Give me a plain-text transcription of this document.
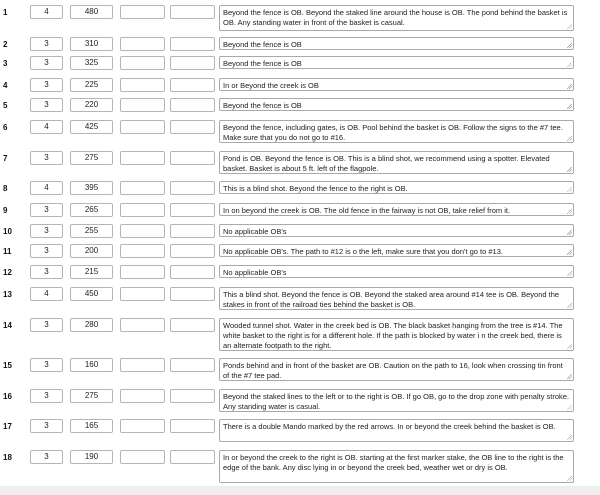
1	4	480	Beyond the fence is OB. Beyond the staked line around the house is OB. The pond behind the basket is OB. Any standing water in front of the basket is casual.
2	3	310	Beyond the fence is OB
3	3	325	Beyond the fence is OB
4	3	225	In or Beyond the creek is OB
5	3	220	Beyond the fence is OB
6	4	425	Beyond the fence, including gates, is OB. Pool behind the basket is OB. Follow the signs to the #7 tee. Make sure that you do not go to #16.
7	3	275	Pond is OB. Beyond the fence is OB. This is a blind shot, we recommend using a spotter. Elevated basket. Basket is about 5 ft. left of the flagpole.
8	4	395	This is a blind shot. Beyond the fence to the right is OB.
9	3	265	In on beyond the creek is OB. The old fence in the fairway is not OB, take relief from it.
10	3	255	No applicable OB's
11	3	200	No applicable OB's. The path to #12 is o the left, make sure that you don't go to #13.
12	3	215	No applicable OB's
13	4	450	This a blind shot. Beyond the fence is OB. Beyond the staked area around #14 tee is OB. Beyond the stakes in front of the railroad ties behind the basket is OB.
14	3	280	Wooded tunnel shot. Water in the creek bed is OB. The black basket hanging from the tree is #14. The white basket to the right is for a different hole. If the path is blocked by water i n the creek bed, there is an alternate footpath to the right.
15	3	160	Ponds behind and in front of the basket are OB. Caution on the path to 16, look when crossing tin front of the #7 tee pad.
16	3	275	Beyond the staked lines to the left or to the right is OB. If go OB, go to the drop zone with penalty stroke. Any standing water is casual.
17	3	165	There is a double Mando marked by the red arrows. In or beyond the creek behind the basket is OB.
18	3	190	In or beyond the creek to the right is OB. starting at the first marker stake, the OB line to the right is the edge of the bank. Any disc lying in or beyond the creek bed, weather wet or dry is OB.
